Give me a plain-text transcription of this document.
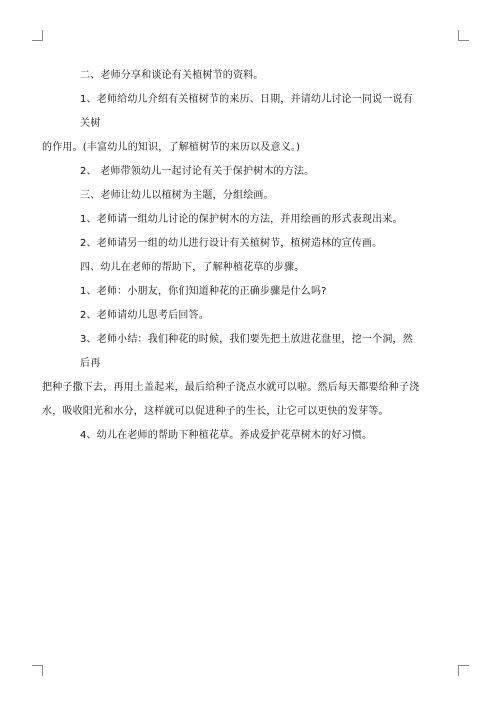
二、老师分享和谈论有关植树节的资料。
1、老师给幼儿介绍有关植树节的来历、日期，并请幼儿讨论一同说一说有关树
的作用。(丰富幼儿的知识，了解植树节的来历以及意义。)
2、 老师带领幼儿一起讨论有关于保护树木的方法。
三、老师让幼儿以植树为主题，分组绘画。
1、老师请一组幼儿讨论的保护树木的方法，并用绘画的形式表现出来。
2、老师请另一组的幼儿进行设计有关植树节，植树造林的宣传画。
四、幼儿在老师的帮助下，了解种植花草的步骤。
1、老师：小朋友，你们知道种花的正确步骤是什么吗?
2、老师请幼儿思考后回答。
3、老师小结：我们种花的时候，我们要先把土放进花盘里，挖一个洞，然后再
把种子撒下去，再用土盖起来，最后给种子浇点水就可以啦。然后每天都要给种子浇
水，吸收阳光和水分，这样就可以促进种子的生长，让它可以更快的发芽等。
4、幼儿在老师的帮助下种植花草。养成爱护花草树木的好习惯。
